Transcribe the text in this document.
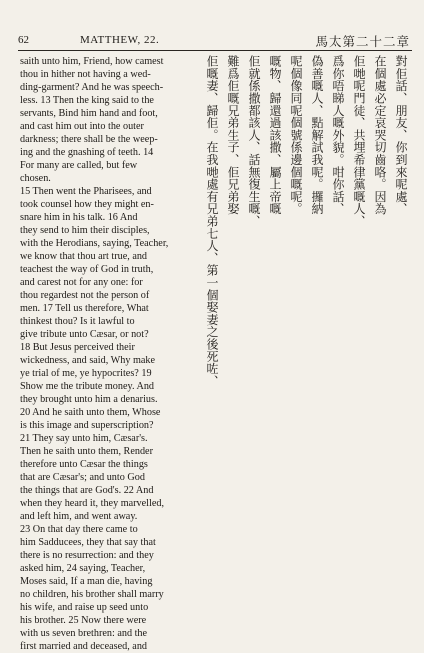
62	MATTHEW, 22.	馬太第二十二章
saith unto him, Friend, how camest
thou in hither not having a wed-
ding-garment? And he was speech-
less. 13 Then the king said to the
servants, Bind him hand and foot,
and cast him out into the outer
darkness; there shall be the weep-
ing and the gnashing of teeth. 14
For many are called, but few
chosen.
15 Then went the Pharisees, and
took counsel how they might en-
snare him in his talk. 16 And
they send to him their disciples,
with the Herodians, saying, Teacher,
we know that thou art true, and
teachest the way of God in truth,
and carest not for any one: for
thou regardest not the person of
men. 17 Tell us therefore, What
thinkest thou? Is it lawful to
give tribute unto Cæsar, or not?
18 But Jesus perceived their
wickedness, and said, Why make
ye trial of me, ye hypocrites? 19
Show me the tribute money. And
they brought unto him a denarius.
20 And he saith unto them, Whose
is this image and superscription?
21 They say unto him, Cæsar's.
Then he saith unto them, Render
therefore unto Cæsar the things
that are Cæsar's; and unto God
the things that are God's. 22 And
when they heard it, they marvelled,
and left him, and went away.
23 On that day there came to
him Sadducees, they that say that
there is no resurrection: and they
asked him, 24 saying, Teacher,
Moses said, If a man die, having
no children, his brother shall marry
his wife, and raise up seed unto
his brother. 25 Now there were
with us seven brethren: and the
first married and deceased, and
對佢話、朋友、你到來呢處、
在個處必定哀哭切齒咯。因為
佢哋呢門徒、共埋希律黨嘅人、
爲你唔睇人嘅外貌。咁你話、
偽善嘅人、點解試我呢。攞納
呢個像同呢個號係邊個嘅呢。
嘅物、歸還過該撒、屬上帝嘅
佢就係撒都該人、話無復生嘅、
難爲佢嘅兄弟生子、佢兄弟娶
佢嘅妻、歸佢。在我哋處有兄弟七人、第一個娶妻之後死咗、
